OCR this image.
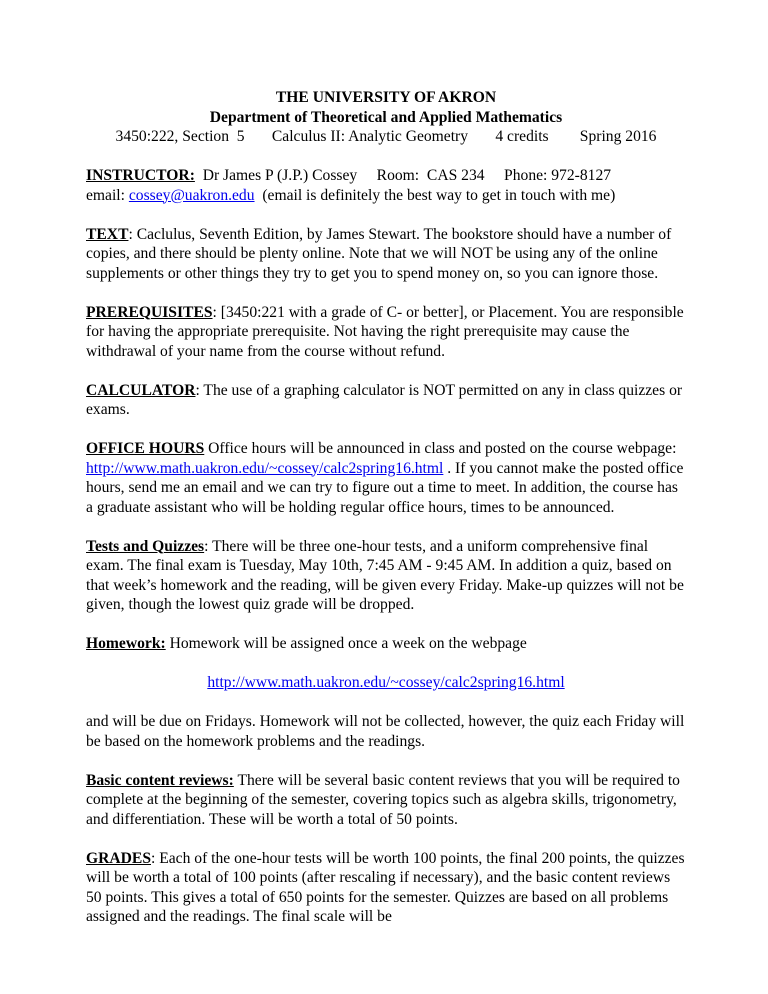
THE UNIVERSITY OF AKRON

Department of Theoretical and Applied Mathematics

3450:222, Section  5       Calculus II: Analytic Geometry       4 credits        Spring 2016

INSTRUCTOR:  Dr James P (J.P.) Cossey     Room:  CAS 234     Phone: 972-8127

email: cossey@uakron.edu  (email is definitely the best way to get in touch with me)

TEXT: Caclulus, Seventh Edition, by James Stewart. The bookstore should have a number of copies, and there should be plenty online. Note that we will NOT be using any of the online supplements or other things they try to get you to spend money on, so you can ignore those.

PREREQUISITES: [3450:221 with a grade of C- or better], or Placement. You are responsible for having the appropriate prerequisite. Not having the right prerequisite may cause the withdrawal of your name from the course without refund.

CALCULATOR: The use of a graphing calculator is NOT permitted on any in class quizzes or exams.

OFFICE HOURS Office hours will be announced in class and posted on the course webpage: http://www.math.uakron.edu/~cossey/calc2spring16.html . If you cannot make the posted office hours, send me an email and we can try to figure out a time to meet. In addition, the course has a graduate assistant who will be holding regular office hours, times to be announced.

Tests and Quizzes: There will be three one-hour tests, and a uniform comprehensive final exam. The final exam is Tuesday, May 10th, 7:45 AM - 9:45 AM. In addition a quiz, based on that week’s homework and the reading, will be given every Friday. Make-up quizzes will not be given, though the lowest quiz grade will be dropped.

Homework: Homework will be assigned once a week on the webpage

http://www.math.uakron.edu/~cossey/calc2spring16.html

and will be due on Fridays. Homework will not be collected, however, the quiz each Friday will be based on the homework problems and the readings.

Basic content reviews: There will be several basic content reviews that you will be required to complete at the beginning of the semester, covering topics such as algebra skills, trigonometry, and differentiation. These will be worth a total of 50 points.

GRADES: Each of the one-hour tests will be worth 100 points, the final 200 points, the quizzes will be worth a total of 100 points (after rescaling if necessary), and the basic content reviews 50 points. This gives a total of 650 points for the semester. Quizzes are based on all problems assigned and the readings. The final scale will be
